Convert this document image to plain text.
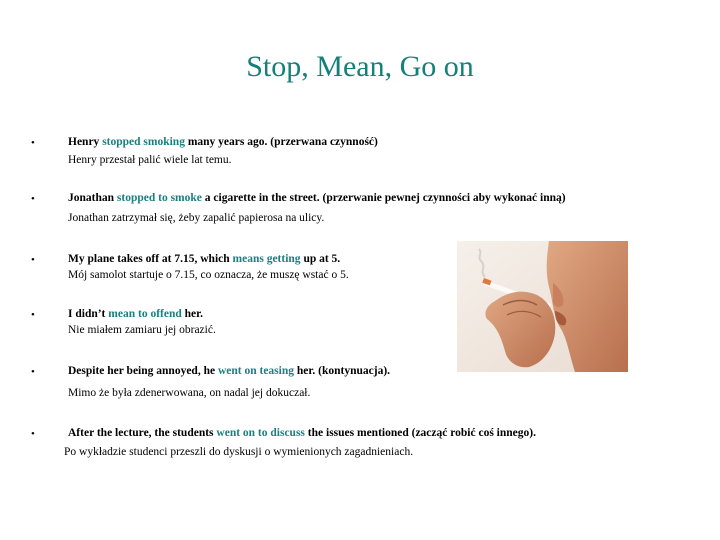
Stop, Mean, Go on
•	Henry stopped smoking many years ago. (przerwana czynność)
Henry przestał palić wiele lat temu.
•	Jonathan stopped to smoke a cigarette in the street. (przerwanie pewnej czynności aby wykonać inną)
Jonathan zatrzymał się, żeby zapalić papierosa na ulicy.
•	My plane takes off at 7.15, which means getting up at 5.
Mój samolot startuje o 7.15, co oznacza, że muszę wstać o 5.
•	I didn’t mean to offend her.
Nie miałem zamiaru jej obrazić.
•	Despite her being annoyed, he went on teasing her. (kontynuacja).
Mimo że była zdenerwowana, on nadal jej dokuczał.
•	After the lecture, the students went on to discuss the issues mentioned (zacząć robić coś innego).
Po wykładzie studenci przeszli do dyskusji o wymienionych zagadnieniach.
